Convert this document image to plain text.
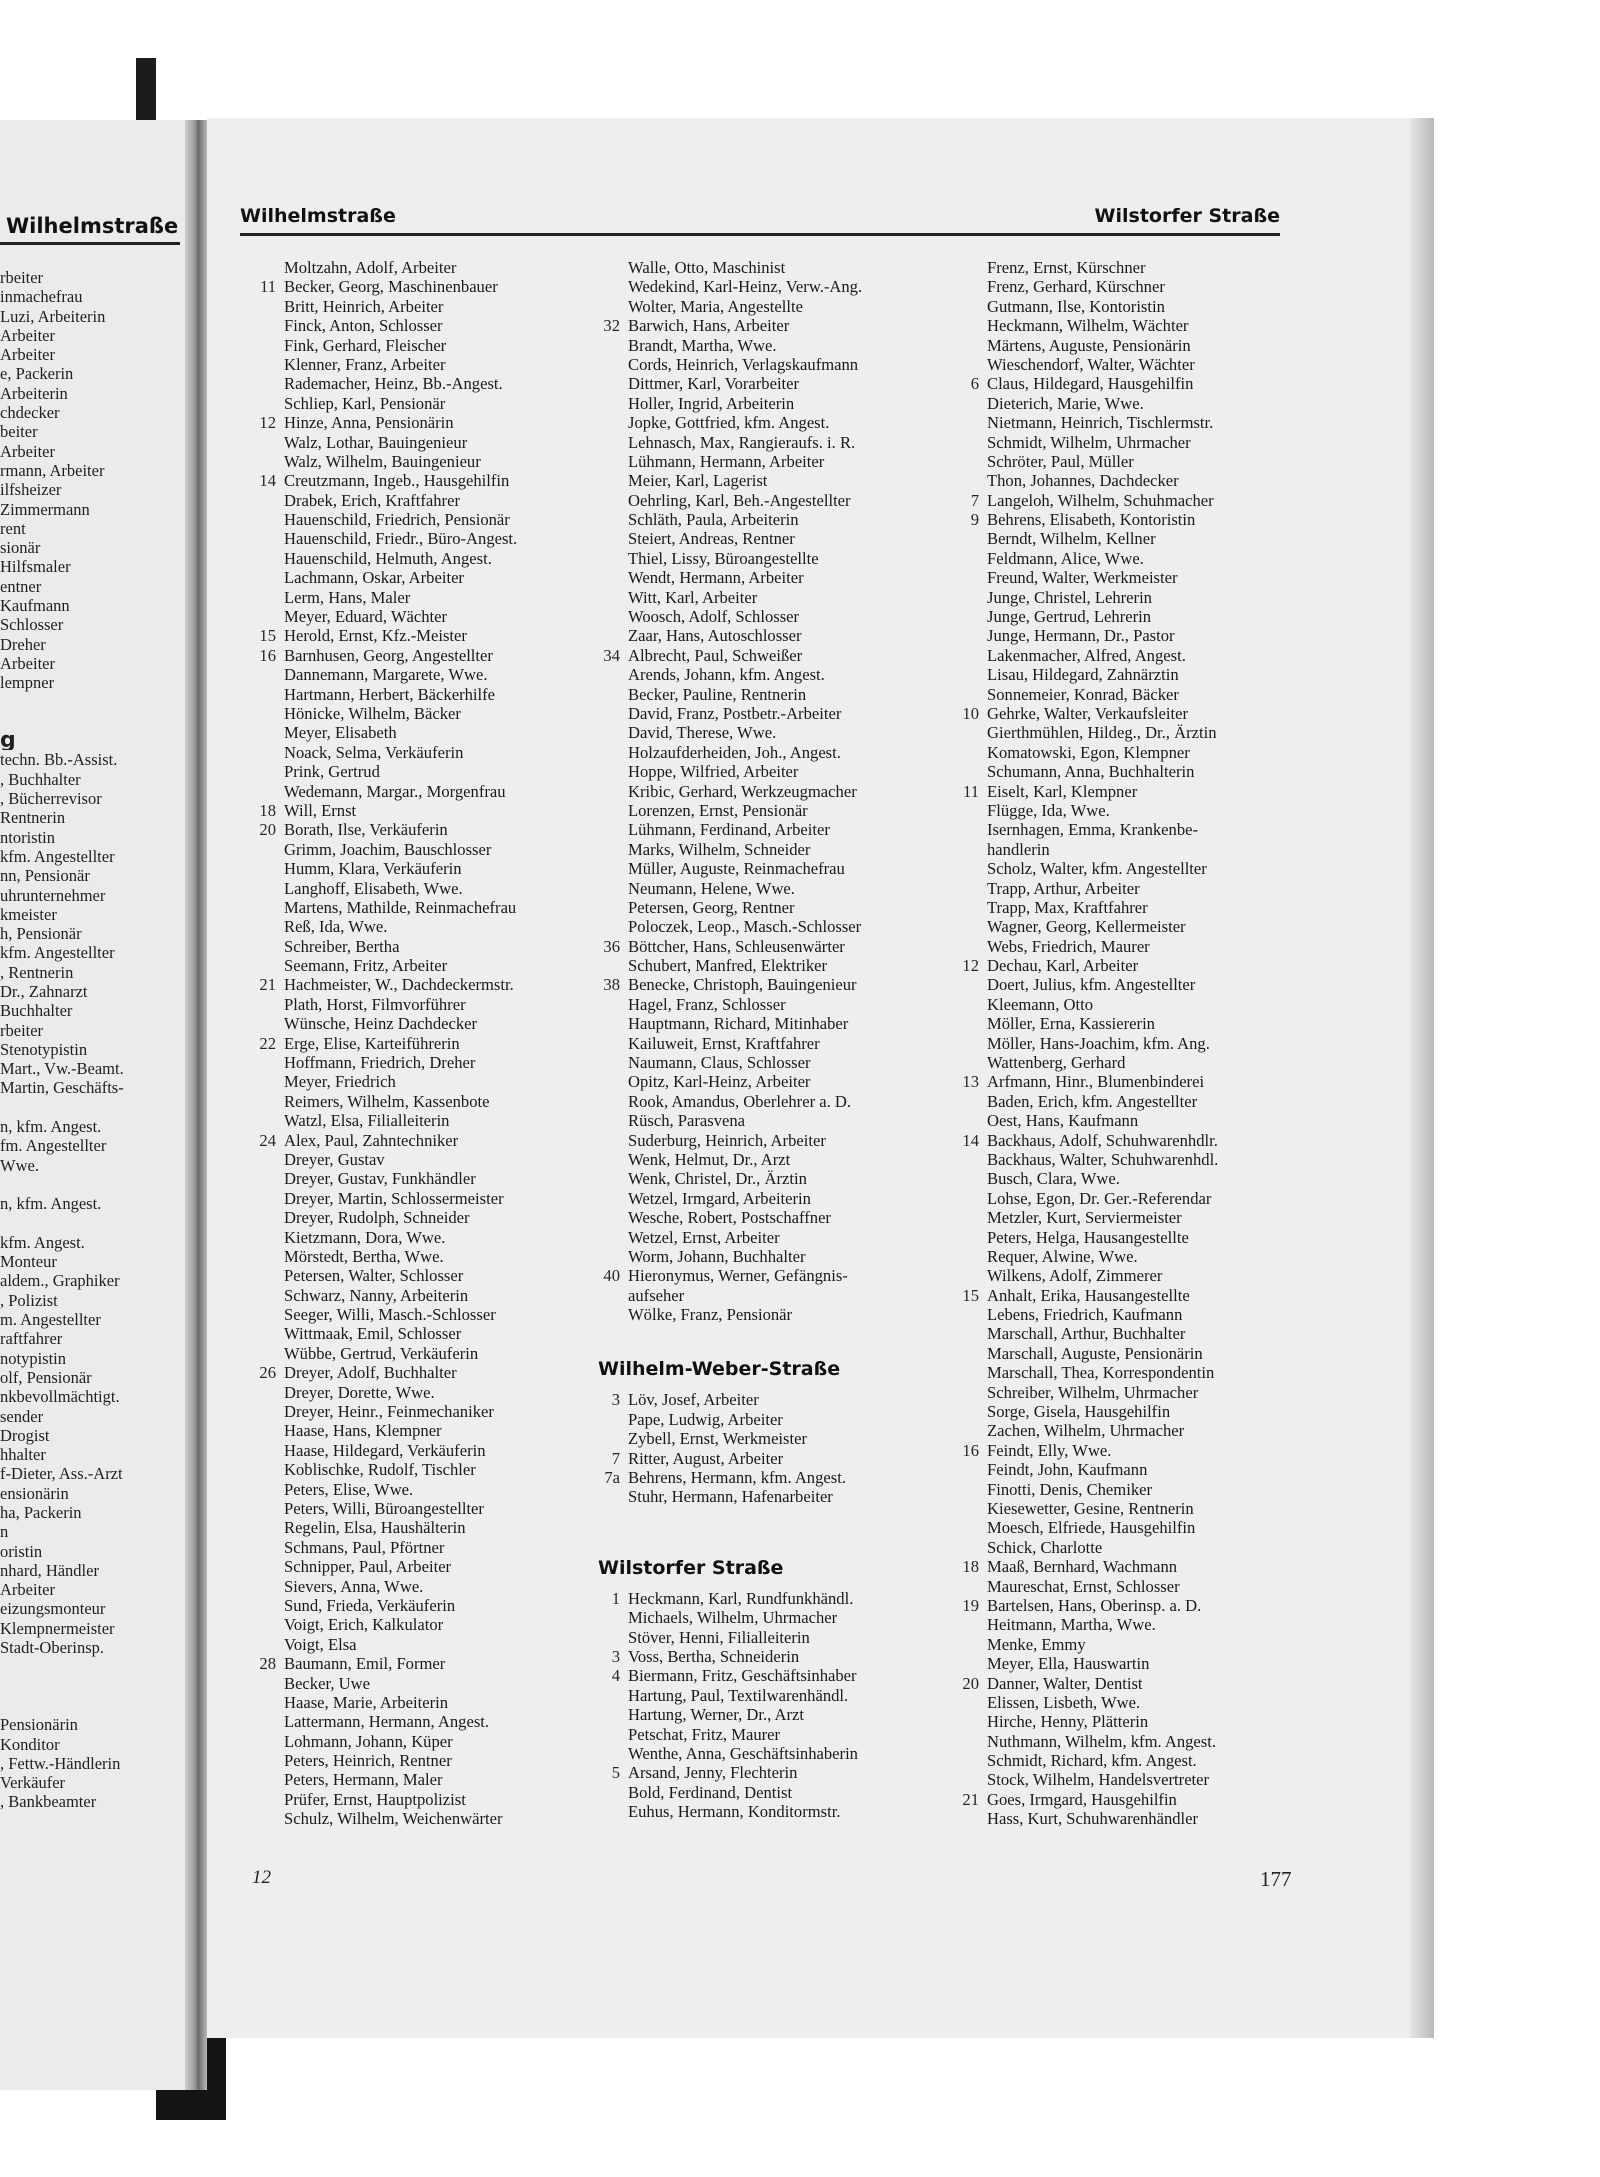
Wilhelmstraße
rbeiter
inmachefrau
Luzi, Arbeiterin
Arbeiter
Arbeiter
e, Packerin
Arbeiterin
chdecker
beiter
Arbeiter
rmann, Arbeiter
ilfsheizer
Zimmermann
rent
sionär
Hilfsmaler
entner
Kaufmann
Schlosser
Dreher
Arbeiter
lempner
g
techn. Bb.-Assist.
, Buchhalter
, Bücherrevisor
Rentnerin
ntoristin
kfm. Angestellter
nn, Pensionär
uhrunternehmer
kmeister
h, Pensionär
kfm. Angestellter
, Rentnerin
Dr., Zahnarzt
Buchhalter
rbeiter
Stenotypistin
Mart., Vw.-Beamt.
Martin, Geschäfts-
n, kfm. Angest.
fm. Angestellter
Wwe.
n, kfm. Angest.
kfm. Angest.
Monteur
aldem., Graphiker
, Polizist
m. Angestellter
raftfahrer
notypistin
olf, Pensionär
nkbevollmächtigt.
sender
Drogist
hhalter
f-Dieter, Ass.-Arzt
ensionärin
ha, Packerin
n
oristin
nhard, Händler
Arbeiter
eizungsmonteur
Klempnermeister
Stadt-Oberinsp.
Pensionärin
Konditor
, Fettw.-Händlerin
Verkäufer
, Bankbeamter
Wilhelmstraße	Wilstorfer Straße
Moltzahn, Adolf, Arbeiter
11 Becker, Georg, Maschinenbauer
Britt, Heinrich, Arbeiter
Finck, Anton, Schlosser
Fink, Gerhard, Fleischer
Klenner, Franz, Arbeiter
Rademacher, Heinz, Bb.-Angest.
Schliep, Karl, Pensionär
12 Hinze, Anna, Pensionärin
Walz, Lothar, Bauingenieur
Walz, Wilhelm, Bauingenieur
14 Creutzmann, Ingeb., Hausgehilfin
Drabek, Erich, Kraftfahrer
Hauenschild, Friedrich, Pensionär
Hauenschild, Friedr., Büro-Angest.
Hauenschild, Helmuth, Angest.
Lachmann, Oskar, Arbeiter
Lerm, Hans, Maler
Meyer, Eduard, Wächter
15 Herold, Ernst, Kfz.-Meister
16 Barnhusen, Georg, Angestellter
Dannemann, Margarete, Wwe.
Hartmann, Herbert, Bäckerhilfe
Hönicke, Wilhelm, Bäcker
Meyer, Elisabeth
Noack, Selma, Verkäuferin
Prink, Gertrud
Wedemann, Margar., Morgenfrau
18 Will, Ernst
20 Borath, Ilse, Verkäuferin
Grimm, Joachim, Bauschlosser
Humm, Klara, Verkäuferin
Langhoff, Elisabeth, Wwe.
Martens, Mathilde, Reinmachefrau
Reß, Ida, Wwe.
Schreiber, Bertha
Seemann, Fritz, Arbeiter
21 Hachmeister, W., Dachdeckermstr.
Plath, Horst, Filmvorführer
Wünsche, Heinz Dachdecker
22 Erge, Elise, Karteiführerin
Hoffmann, Friedrich, Dreher
Meyer, Friedrich
Reimers, Wilhelm, Kassenbote
Watzl, Elsa, Filialleiterin
24 Alex, Paul, Zahntechniker
Dreyer, Gustav
Dreyer, Gustav, Funkhändler
Dreyer, Martin, Schlossermeister
Dreyer, Rudolph, Schneider
Kietzmann, Dora, Wwe.
Mörstedt, Bertha, Wwe.
Petersen, Walter, Schlosser
Schwarz, Nanny, Arbeiterin
Seeger, Willi, Masch.-Schlosser
Wittmaak, Emil, Schlosser
Wübbe, Gertrud, Verkäuferin
26 Dreyer, Adolf, Buchhalter
Dreyer, Dorette, Wwe.
Dreyer, Heinr., Feinmechaniker
Haase, Hans, Klempner
Haase, Hildegard, Verkäuferin
Koblischke, Rudolf, Tischler
Peters, Elise, Wwe.
Peters, Willi, Büroangestellter
Regelin, Elsa, Haushälterin
Schmans, Paul, Pförtner
Schnipper, Paul, Arbeiter
Sievers, Anna, Wwe.
Sund, Frieda, Verkäuferin
Voigt, Erich, Kalkulator
Voigt, Elsa
28 Baumann, Emil, Former
Becker, Uwe
Haase, Marie, Arbeiterin
Lattermann, Hermann, Angest.
Lohmann, Johann, Küper
Peters, Heinrich, Rentner
Peters, Hermann, Maler
Prüfer, Ernst, Hauptpolizist
Schulz, Wilhelm, Weichenwärter
Walle, Otto, Maschinist
Wedekind, Karl-Heinz, Verw.-Ang.
Wolter, Maria, Angestellte
32 Barwich, Hans, Arbeiter
Brandt, Martha, Wwe.
Cords, Heinrich, Verlagskaufmann
Dittmer, Karl, Vorarbeiter
Holler, Ingrid, Arbeiterin
Jopke, Gottfried, kfm. Angest.
Lehnasch, Max, Rangieraufs. i. R.
Lühmann, Hermann, Arbeiter
Meier, Karl, Lagerist
Oehrling, Karl, Beh.-Angestellter
Schläth, Paula, Arbeiterin
Steiert, Andreas, Rentner
Thiel, Lissy, Büroangestellte
Wendt, Hermann, Arbeiter
Witt, Karl, Arbeiter
Woosch, Adolf, Schlosser
Zaar, Hans, Autoschlosser
34 Albrecht, Paul, Schweißer
Arends, Johann, kfm. Angest.
Becker, Pauline, Rentnerin
David, Franz, Postbetr.-Arbeiter
David, Therese, Wwe.
Holzaufderheiden, Joh., Angest.
Hoppe, Wilfried, Arbeiter
Kribic, Gerhard, Werkzeugmacher
Lorenzen, Ernst, Pensionär
Lühmann, Ferdinand, Arbeiter
Marks, Wilhelm, Schneider
Müller, Auguste, Reinmachefrau
Neumann, Helene, Wwe.
Petersen, Georg, Rentner
Poloczek, Leop., Masch.-Schlosser
36 Böttcher, Hans, Schleusenwärter
Schubert, Manfred, Elektriker
38 Benecke, Christoph, Bauingenieur
Hagel, Franz, Schlosser
Hauptmann, Richard, Mitinhaber
Kailuweit, Ernst, Kraftfahrer
Naumann, Claus, Schlosser
Opitz, Karl-Heinz, Arbeiter
Rook, Amandus, Oberlehrer a. D.
Rüsch, Parasvena
Suderburg, Heinrich, Arbeiter
Wenk, Helmut, Dr., Arzt
Wenk, Christel, Dr., Ärztin
Wetzel, Irmgard, Arbeiterin
Wesche, Robert, Postschaffner
Wetzel, Ernst, Arbeiter
Worm, Johann, Buchhalter
40 Hieronymus, Werner, Gefängnis-
aufseher
Wölke, Franz, Pensionär
Wilhelm-Weber-Straße
3 Löv, Josef, Arbeiter
Pape, Ludwig, Arbeiter
Zybell, Ernst, Werkmeister
7 Ritter, August, Arbeiter
7a Behrens, Hermann, kfm. Angest.
Stuhr, Hermann, Hafenarbeiter
Wilstorfer Straße
1 Heckmann, Karl, Rundfunkhändl.
Michaels, Wilhelm, Uhrmacher
Stöver, Henni, Filialleiterin
3 Voss, Bertha, Schneiderin
4 Biermann, Fritz, Geschäftsinhaber
Hartung, Paul, Textilwarenhändl.
Hartung, Werner, Dr., Arzt
Petschat, Fritz, Maurer
Wenthe, Anna, Geschäftsinhaberin
5 Arsand, Jenny, Flechterin
Bold, Ferdinand, Dentist
Euhus, Hermann, Konditormstr.
Frenz, Ernst, Kürschner
Frenz, Gerhard, Kürschner
Gutmann, Ilse, Kontoristin
Heckmann, Wilhelm, Wächter
Märtens, Auguste, Pensionärin
Wieschendorf, Walter, Wächter
6 Claus, Hildegard, Hausgehilfin
Dieterich, Marie, Wwe.
Nietmann, Heinrich, Tischlermstr.
Schmidt, Wilhelm, Uhrmacher
Schröter, Paul, Müller
Thon, Johannes, Dachdecker
7 Langeloh, Wilhelm, Schuhmacher
9 Behrens, Elisabeth, Kontoristin
Berndt, Wilhelm, Kellner
Feldmann, Alice, Wwe.
Freund, Walter, Werkmeister
Junge, Christel, Lehrerin
Junge, Gertrud, Lehrerin
Junge, Hermann, Dr., Pastor
Lakenmacher, Alfred, Angest.
Lisau, Hildegard, Zahnärztin
Sonnemeier, Konrad, Bäcker
10 Gehrke, Walter, Verkaufsleiter
Gierthmühlen, Hildeg., Dr., Ärztin
Komatowski, Egon, Klempner
Schumann, Anna, Buchhalterin
11 Eiselt, Karl, Klempner
Flügge, Ida, Wwe.
Isernhagen, Emma, Krankenbe-
handlerin
Scholz, Walter, kfm. Angestellter
Trapp, Arthur, Arbeiter
Trapp, Max, Kraftfahrer
Wagner, Georg, Kellermeister
Webs, Friedrich, Maurer
12 Dechau, Karl, Arbeiter
Doert, Julius, kfm. Angestellter
Kleemann, Otto
Möller, Erna, Kassiererin
Möller, Hans-Joachim, kfm. Ang.
Wattenberg, Gerhard
13 Arfmann, Hinr., Blumenbinderei
Baden, Erich, kfm. Angestellter
Oest, Hans, Kaufmann
14 Backhaus, Adolf, Schuhwarenhdlr.
Backhaus, Walter, Schuhwarenhdl.
Busch, Clara, Wwe.
Lohse, Egon, Dr. Ger.-Referendar
Metzler, Kurt, Serviermeister
Peters, Helga, Hausangestellte
Requer, Alwine, Wwe.
Wilkens, Adolf, Zimmerer
15 Anhalt, Erika, Hausangestellte
Lebens, Friedrich, Kaufmann
Marschall, Arthur, Buchhalter
Marschall, Auguste, Pensionärin
Marschall, Thea, Korrespondentin
Schreiber, Wilhelm, Uhrmacher
Sorge, Gisela, Hausgehilfin
Zachen, Wilhelm, Uhrmacher
16 Feindt, Elly, Wwe.
Feindt, John, Kaufmann
Finotti, Denis, Chemiker
Kiesewetter, Gesine, Rentnerin
Moesch, Elfriede, Hausgehilfin
Schick, Charlotte
18 Maaß, Bernhard, Wachmann
Maureschat, Ernst, Schlosser
19 Bartelsen, Hans, Oberinsp. a. D.
Heitmann, Martha, Wwe.
Menke, Emmy
Meyer, Ella, Hauswartin
20 Danner, Walter, Dentist
Elissen, Lisbeth, Wwe.
Hirche, Henny, Plätterin
Nuthmann, Wilhelm, kfm. Angest.
Schmidt, Richard, kfm. Angest.
Stock, Wilhelm, Handelsvertreter
21 Goes, Irmgard, Hausgehilfin
Hass, Kurt, Schuhwarenhändler
12	177
